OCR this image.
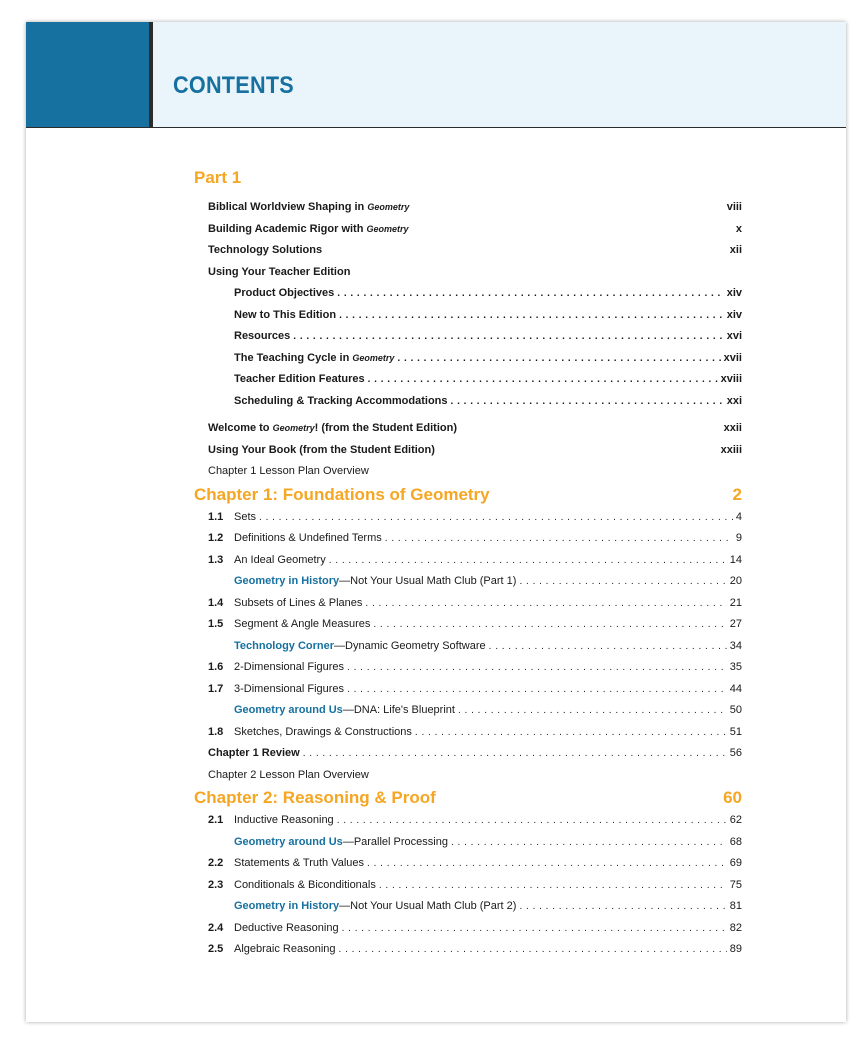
CONTENTS
Part 1
Biblical Worldview Shaping in Geometry	viii
Building Academic Rigor with Geometry	x
Technology Solutions	xii
Using Your Teacher Edition
Product Objectives . . .	xiv
New to This Edition . . .	xiv
Resources . . .	xvi
The Teaching Cycle in Geometry . . .	xvii
Teacher Edition Features . . .	xviii
Scheduling & Tracking Accommodations . . .	xxi
Welcome to Geometry! (from the Student Edition)	xxii
Using Your Book (from the Student Edition)	xxiii
Chapter 1 Lesson Plan Overview
Chapter 1: Foundations of Geometry	2
1.1 Sets . . .	4
1.2 Definitions & Undefined Terms . . .	9
1.3 An Ideal Geometry . . .	14
Geometry in History—Not Your Usual Math Club (Part 1) . . .	20
1.4 Subsets of Lines & Planes . . .	21
1.5 Segment & Angle Measures . . .	27
Technology Corner—Dynamic Geometry Software . . .	34
1.6 2-Dimensional Figures . . .	35
1.7 3-Dimensional Figures . . .	44
Geometry around Us—DNA: Life's Blueprint . . .	50
1.8 Sketches, Drawings & Constructions . . .	51
Chapter 1 Review . . .	56
Chapter 2 Lesson Plan Overview
Chapter 2: Reasoning & Proof	60
2.1 Inductive Reasoning . . .	62
Geometry around Us—Parallel Processing . . .	68
2.2 Statements & Truth Values . . .	69
2.3 Conditionals & Biconditionals . . .	75
Geometry in History—Not Your Usual Math Club (Part 2) . . .	81
2.4 Deductive Reasoning . . .	82
2.5 Algebraic Reasoning . . .	89
